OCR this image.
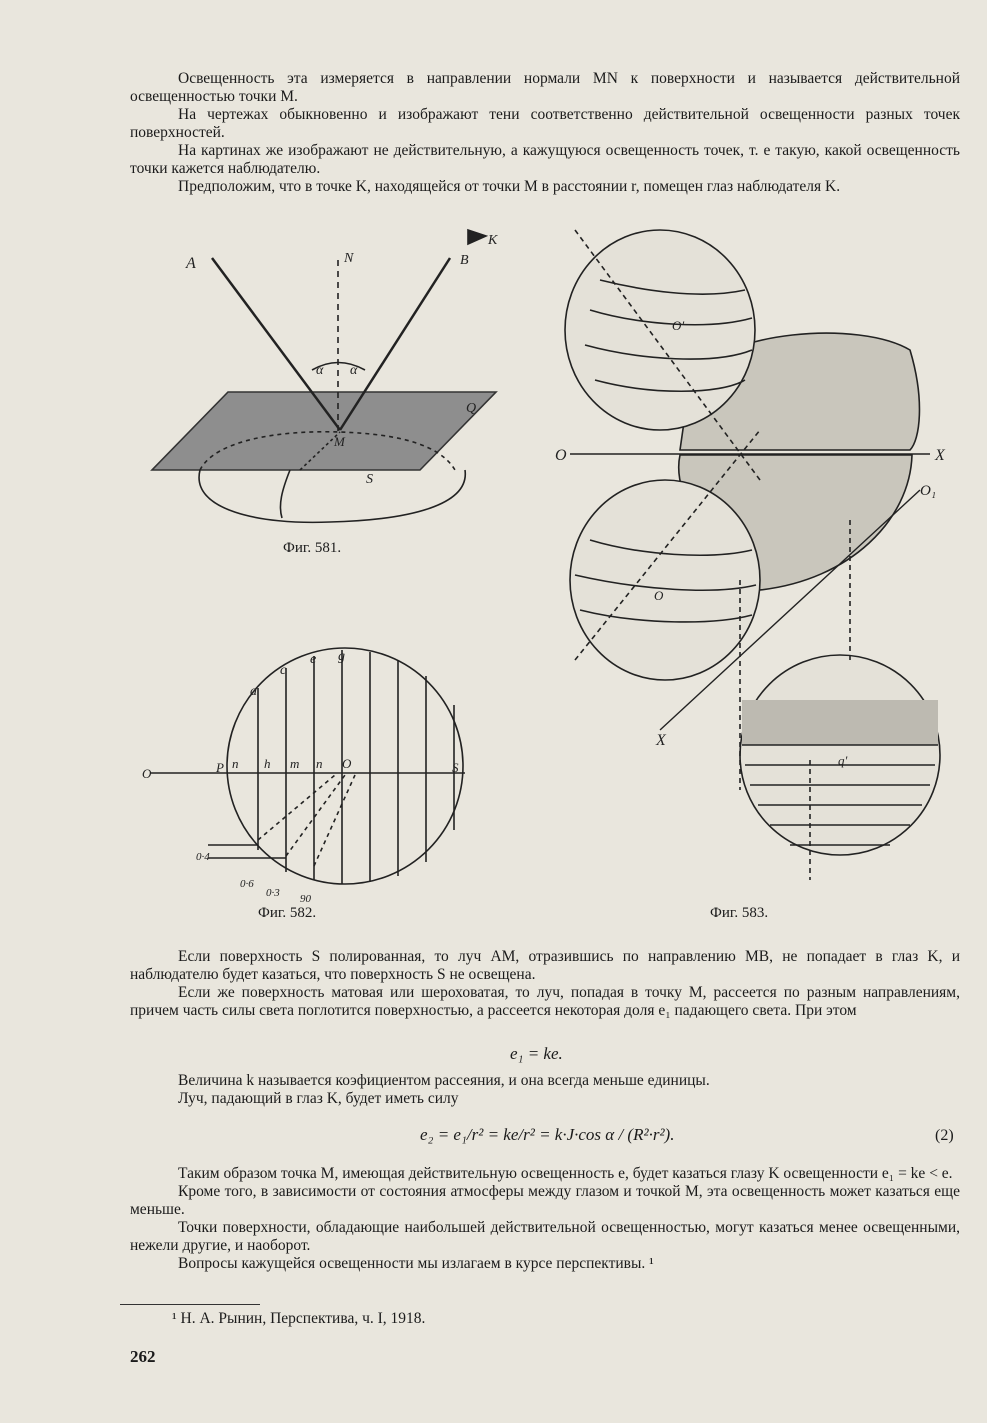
Освещенность эта измеряется в направлении нормали MN к поверхности и называется действительной освещенностью точки M.

На чертежах обыкновенно и изображают тени соответственно действительной освещенности разных точек поверхностей.

На картинах же изображают не действительную, а кажущуюся освещенность точек, т. е такую, какой освещенность точки кажется наблюдателю.

Предположим, что в точке K, находящейся от точки M в расстоянии r, помещен глаз наблюдателя K.

A	N	B
K
α α
Q
M
S
a
c
e g
O	P n h m n O	S
0·4
0·6
0·3 90
O	X
O₁
O'
O
X
q'
Фиг. 581.
Фиг. 582.	Фиг. 583.

Если поверхность S полированная, то луч AM, отразившись по направлению MB, не попадает в глаз K, и наблюдателю будет казаться, что поверхность S не освещена.

Если же поверхность матовая или шероховатая, то луч, попадая в точку M, рассеется по разным направлениям, причем часть силы света поглотится поверхностью, а рассеется некоторая доля e₁ падающего света. При этом

e₁ = ke.

Величина k называется коэфициентом рассеяния, и она всегда меньше единицы.

Луч, падающий в глаз K, будет иметь силу

e₂ = e₁/r² = ke/r² = k·J·cos α / (R²·r²).	(2)

Таким образом точка M, имеющая действительную освещенность e, будет казаться глазу K освещенности e₁ = ke < e.

Кроме того, в зависимости от состояния атмосферы между глазом и точкой M, эта освещенность может казаться еще меньше.

Точки поверхности, обладающие наибольшей действительной освещенностью, могут казаться менее освещенными, нежели другие, и наоборот.

Вопросы кажущейся освещенности мы излагаем в курсе перспективы. ¹

¹ Н. А. Рынин, Перспектива, ч. I, 1918.
262
